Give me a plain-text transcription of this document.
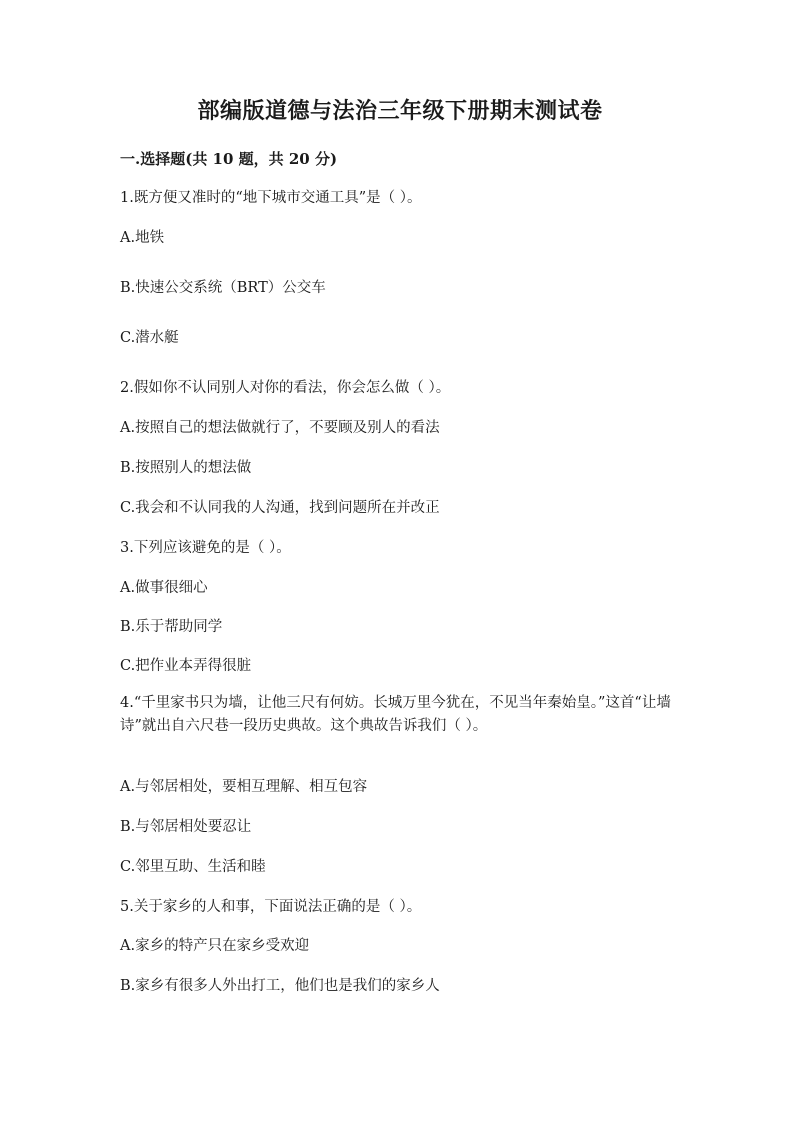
部编版道德与法治三年级下册期末测试卷
一.选择题(共 10 题，共 20 分)
1.既方便又准时的“地下城市交通工具”是（ ）。
A.地铁
B.快速公交系统（BRT）公交车
C.潜水艇
2.假如你不认同别人对你的看法，你会怎么做（ ）。
A.按照自己的想法做就行了，不要顾及别人的看法
B.按照别人的想法做
C.我会和不认同我的人沟通，找到问题所在并改正
3.下列应该避免的是（ ）。
A.做事很细心
B.乐于帮助同学
C.把作业本弄得很脏
4.“千里家书只为墙，让他三尺有何妨。长城万里今犹在，不见当年秦始皇。”这首“让墙诗”就出自六尺巷一段历史典故。这个典故告诉我们（ ）。
A.与邻居相处，要相互理解、相互包容
B.与邻居相处要忍让
C.邻里互助、生活和睦
5.关于家乡的人和事，下面说法正确的是（ ）。
A.家乡的特产只在家乡受欢迎
B.家乡有很多人外出打工，他们也是我们的家乡人
